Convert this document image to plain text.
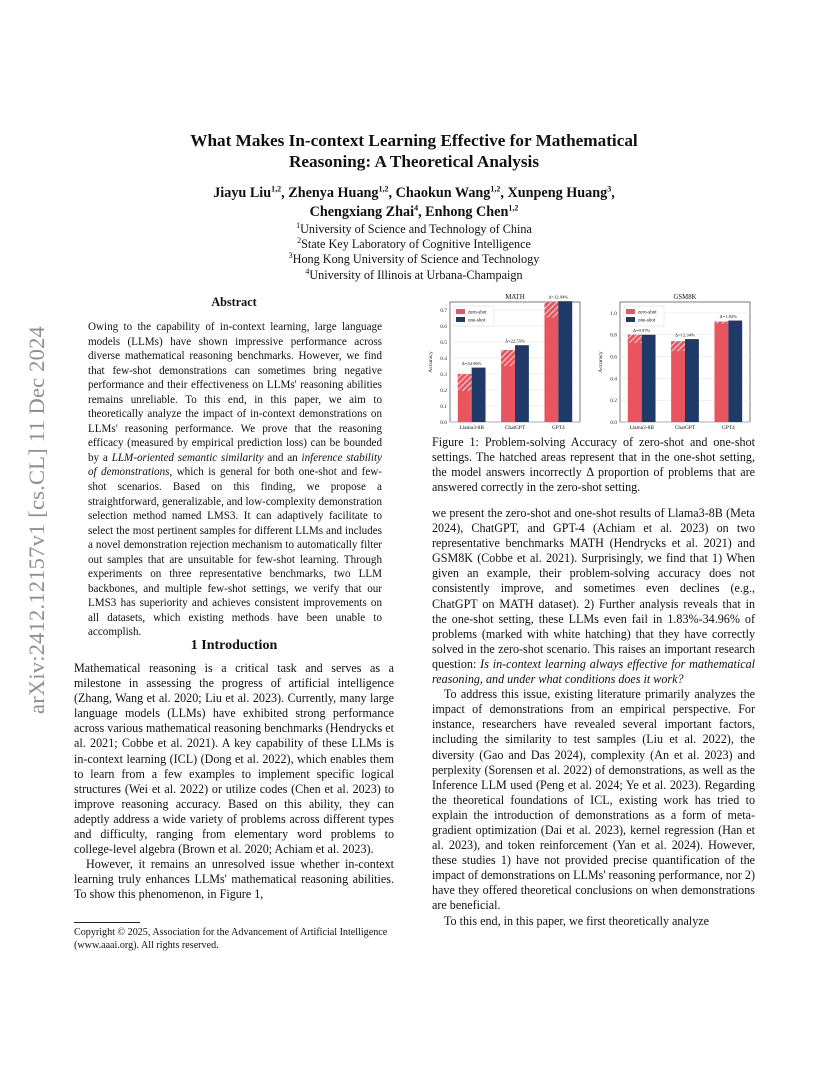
arXiv:2412.12157v1 [cs.CL] 11 Dec 2024
What Makes In-context Learning Effective for Mathematical
Reasoning: A Theoretical Analysis
Jiayu Liu$^{1,2}$, Zhenya Huang$^{1,2}$, Chaokun Wang$^{1,2}$, Xunpeng Huang$^3$,
Chengxiang Zhai$^4$, Enhong Chen$^{1,2}$
$^1$University of Science and Technology of China
$^2$State Key Laboratory of Cognitive Intelligence
$^3$Hong Kong University of Science and Technology
$^4$University of Illinois at Urbana-Champaign
Abstract

Owing to the capability of in-context learning, large language models (LLMs) have shown impressive performance across diverse mathematical reasoning benchmarks. However, we find that few-shot demonstrations can sometimes bring negative performance and their effectiveness on LLMs' reasoning abilities remains unreliable. To this end, in this paper, we aim to theoretically analyze the impact of in-context demonstrations on LLMs' reasoning performance. We prove that the reasoning efficacy (measured by empirical prediction loss) can be bounded by a LLM-oriented semantic similarity and an inference stability of demonstrations, which is general for both one-shot and few-shot scenarios. Based on this finding, we propose a straightforward, generalizable, and low-complexity demonstration selection method named LMS3. It can adaptively facilitate to select the most pertinent samples for different LLMs and includes a novel demonstration rejection mechanism to automatically filter out samples that are unsuitable for few-shot learning. Through experiments on three representative benchmarks, two LLM backbones, and multiple few-shot settings, we verify that our LMS3 has superiority and achieves consistent improvements on all datasets, which existing methods have been unable to accomplish.

1 Introduction

Mathematical reasoning is a critical task and serves as a milestone in assessing the progress of artificial intelligence (Zhang, Wang et al. 2020; Liu et al. 2023). Currently, many large language models (LLMs) have exhibited strong performance across various mathematical reasoning benchmarks (Hendrycks et al. 2021; Cobbe et al. 2021). A key capability of these LLMs is in-context learning (ICL) (Dong et al. 2022), which enables them to learn from a few examples to implement specific logical structures (Wei et al. 2022) or utilize codes (Chen et al. 2023) to improve reasoning accuracy. Based on this ability, they can adeptly address a wide variety of problems across different types and difficulty, ranging from elementary word problems to college-level algebra (Brown et al. 2020; Achiam et al. 2023).

However, it remains an unresolved issue whether in-context learning truly enhances LLMs' mathematical reasoning abilities. To show this phenomenon, in Figure 1,

Copyright © 2025, Association for the Advancement of Artificial Intelligence (www.aaai.org). All rights reserved.
0.0
0.1
0.2
0.3
0.4
0.5
0.6
0.7
MATH
Accuracy	Δ=34.96%
Llama3-8B
Δ=22.55%
ChatGPT
Δ=12.94%
GPT4
zero-shot
one-shot
0.0
0.2
0.4
0.6
0.8
1.0
GSM8K
Accuracy
Δ=9.97%
Llama3-8B
Δ=12.34%
ChatGPT
Δ=1.83%
GPT4
zero-shot
one-shot
Figure 1: Problem-solving Accuracy of zero-shot and one-shot settings. The hatched areas represent that in the one-shot setting, the model answers incorrectly Δ proportion of problems that are answered correctly in the zero-shot setting.

we present the zero-shot and one-shot results of Llama3-8B (Meta 2024), ChatGPT, and GPT-4 (Achiam et al. 2023) on two representative benchmarks MATH (Hendrycks et al. 2021) and GSM8K (Cobbe et al. 2021). Surprisingly, we find that 1) When given an example, their problem-solving accuracy does not consistently improve, and sometimes even declines (e.g., ChatGPT on MATH dataset). 2) Further analysis reveals that in the one-shot setting, these LLMs even fail in 1.83%-34.96% of problems (marked with white hatching) that they have correctly solved in the zero-shot scenario. This raises an important research question: Is in-context learning always effective for mathematical reasoning, and under what conditions does it work?

To address this issue, existing literature primarily analyzes the impact of demonstrations from an empirical perspective. For instance, researchers have revealed several important factors, including the similarity to test samples (Liu et al. 2022), the diversity (Gao and Das 2024), complexity (An et al. 2023) and perplexity (Sorensen et al. 2022) of demonstrations, as well as the Inference LLM used (Peng et al. 2024; Ye et al. 2023). Regarding the theoretical foundations of ICL, existing work has tried to explain the introduction of demonstrations as a form of meta-gradient optimization (Dai et al. 2023), kernel regression (Han et al. 2023), and token reinforcement (Yan et al. 2024). However, these studies 1) have not provided precise quantification of the impact of demonstrations on LLMs' reasoning performance, nor 2) have they offered theoretical conclusions on when demonstrations are beneficial.

To this end, in this paper, we first theoretically analyze
